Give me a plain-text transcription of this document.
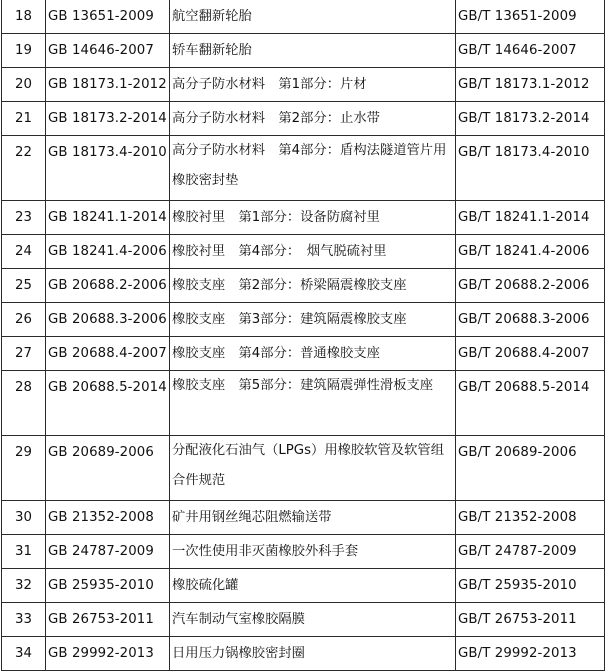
18	GB 13651-2009	航空翻新轮胎	GB/T 13651-2009
19	GB 14646-2007	轿车翻新轮胎	GB/T 14646-2007
20	GB 18173.1-2012	高分子防水材料　第1部分：片材	GB/T 18173.1-2012
21	GB 18173.2-2014	高分子防水材料　第2部分：止水带	GB/T 18173.2-2014
22	GB 18173.4-2010	高分子防水材料　第4部分：盾构法隧道管片用橡胶密封垫	GB/T 18173.4-2010
23	GB 18241.1-2014	橡胶衬里　第1部分：设备防腐衬里	GB/T 18241.1-2014
24	GB 18241.4-2006	橡胶衬里　第4部分：　烟气脱硫衬里	GB/T 18241.4-2006
25	GB 20688.2-2006	橡胶支座　第2部分：桥梁隔震橡胶支座	GB/T 20688.2-2006
26	GB 20688.3-2006	橡胶支座　第3部分：建筑隔震橡胶支座	GB/T 20688.3-2006
27	GB 20688.4-2007	橡胶支座　第4部分：普通橡胶支座	GB/T 20688.4-2007
28	GB 20688.5-2014	橡胶支座　第5部分：建筑隔震弹性滑板支座	GB/T 20688.5-2014
29	GB 20689-2006	分配液化石油气（LPGs）用橡胶软管及软管组合件规范	GB/T 20689-2006
30	GB 21352-2008	矿井用钢丝绳芯阻燃输送带	GB/T 21352-2008
31	GB 24787-2009	一次性使用非灭菌橡胶外科手套	GB/T 24787-2009
32	GB 25935-2010	橡胶硫化罐	GB/T 25935-2010
33	GB 26753-2011	汽车制动气室橡胶隔膜	GB/T 26753-2011
34	GB 29992-2013	日用压力锅橡胶密封圈	GB/T 29992-2013
